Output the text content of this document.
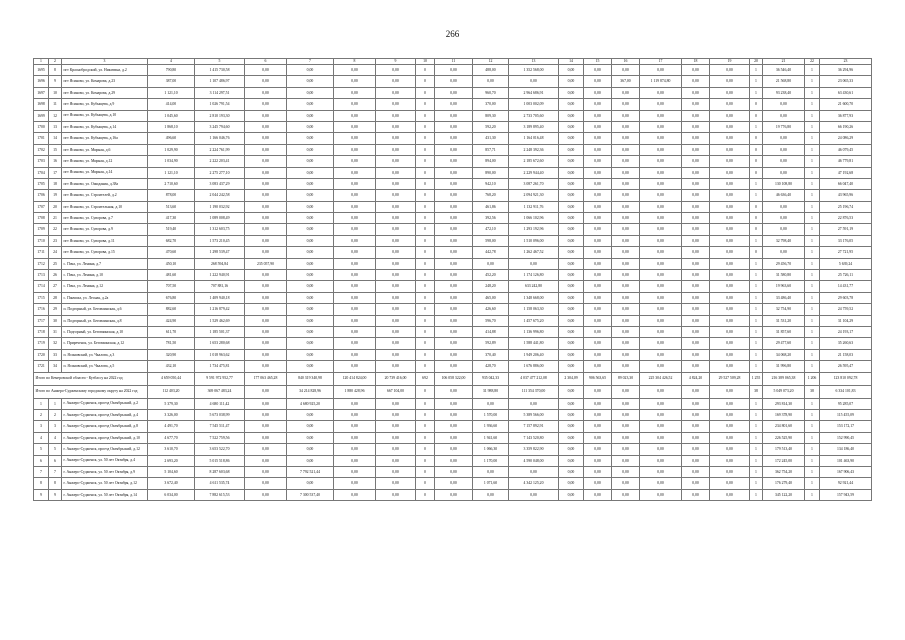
266
1	2	3	4	5	6	7	8	9	10	11	12	13	14	15	16	17	18	19	20	21	22	23
1695	8	пгт Краснобродский, ул. Никитина, д.2	790,80	1 415 730,58	0,00	0,00	0,00	0,00	0	0,00	488,00	1 352 568,00	0,00	0,00	0,00	0,00	0,00	0,00	1	36 546,40	1	36 294,96
1696	9	пгт Ясиново, ул. Комарова, д.23	387,00	1 107 486,97	0,00	0,00	0,00	0,00	0	0,00	0,00	0,00	0,00	0,00	367,00	1 119 874,80	0,00	0,00	1	21 568,80	1	23 065,33
1697	10	пгт Ясиново, ул. Комарова, д.29	1 121,10	3 114 297,51	0,00	0,00	0,00	0,00	0	0,00	960,70	2 964 686,91	0,00	0,00	0,00	0,00	0,00	0,00	1	93 238,40	1	63 430,61
1698	11	пгт Ясиново, ул. Кубыщева, д.9	414,00	1 026 791,54	0,00	0,00	0,00	0,00	0	0,00	370,00	1 003 002,09	0,00	0,00	0,00	0,00	0,00	0,00	0	0,00	1	21 600,70
1699	12	пгт Ясиново, ул. Кубыщева, д.10	1 045,60	2 810 193,30	0,00	0,00	0,00	0,00	0	0,00	809,30	2 733 705,60	0,00	0,00	0,00	0,00	0,00	0,00	0	0,00	1	36 877,93
1700	13	пгт Ясиново, ул. Кубыщева, д.14	1 868,10	3 245 794,60	0,00	0,00	0,00	0,00	0	0,00	592,20	3 189 895,40	0,00	0,00	0,00	0,00	0,00	0,00	1	19 776,80	1	66 190,26
1701	14	пгт Ясиново, ул. Кубыщева, д.16а	496,60	1 166 046,76	0,00	0,00	0,00	0,00	0	0,00	431,30	1 164 016,48	0,00	0,00	0,00	0,00	0,00	0,00	0	0,00	1	24 086,29
1702	15	пгт Ясиново, ул. Мирная, д.6	1 029,90	2 224 761,99	0,00	0,00	0,00	0,00	0	0,00	857,71	2 248 392,36	0,00	0,00	0,00	0,00	0,00	0,00	0	0,00	1	46 079,45
1703	16	пгт Ясиново, ул. Мирная, д.12	1 034,90	2 222 203,41	0,00	0,00	0,00	0,00	0	0,00	894,00	2 185 672,60	0,00	0,00	0,00	0,00	0,00	0,00	0	0,00	1	46 779,81
1704	17	пгт Ясиново, ул. Мирная, д.14	1 121,10	2 275 277,10	0,00	0,00	0,00	0,00	0	0,00	890,00	2 229 944,40	0,00	0,00	0,00	0,00	0,00	0,00	0	0,00	1	47 192,68
1705	18	пгт Ясиново, ул. Ожидания, д.38а	2 710,60	3 083 437,29	0,00	0,00	0,00	0,00	0	0,00	942,10	3 087 261,70	0,00	0,00	0,00	0,00	0,00	0,00	1	130 108,80	1	66 047,40
1706	19	пгт Ясиново, ул. Строителей, д.2	878,00	2 044 242,58	0,00	0,00	0,00	0,00	0	0,00	768,20	2 094 921,30	0,00	0,00	0,00	0,00	0,00	0,00	1	46 636,40	1	43 965,96
1707	20	пгт Ясиново, ул. Строительная, д.10	513,60	1 190 032,92	0,00	0,00	0,00	0,00	0	0,00	461,86	1 132 911,76	0,00	0,00	0,00	0,00	0,00	0,00	0	0,00	1	25 196,74
1708	21	пгт Ясиново, ул. Суворова, д.7	417,30	1 089 008,49	0,00	0,00	0,00	0,00	0	0,00	392,56	1 066 102,96	0,00	0,00	0,00	0,00	0,00	0,00	0	0,00	1	22 876,53
1709	22	пгт Ясиново, ул. Суворова, д.9	519,40	1 312 603,75	0,00	0,00	0,00	0,00	0	0,00	472,10	1 293 192,96	0,00	0,00	0,00	0,00	0,00	0,00	0	0,00	1	27 591,19
1710	23	пгт Ясиново, ул. Суворова, д.11	682,70	1 573 210,45	0,00	0,00	0,00	0,00	0	0,00	598,00	1 510 096,00	0,00	0,00	0,00	0,00	0,00	0,00	1	32 798,40	1	33 176,05
1711	24	пгт Ясиново, ул. Суворова, д.15	470,60	1 298 539,47	0,00	0,00	0,00	0,00	0	0,00	442,78	1 262 467,52	0,00	0,00	0,00	0,00	0,00	0,00	0	0,00	1	27 721,95
1712	25	с. Пача, ул. Ленина, д.7	450,10	268 594,84	235 057,90	0,00	0,00	0,00	0	0,00	0,00	0,00	0,00	0,00	0,00	0,00	0,00	0,00	1	29 456,70	1	5 639,24
1713	26	с. Пача, ул. Ленина, д.10	481,60	1 222 940,91	0,00	0,00	0,00	0,00	0	0,00	452,20	1 174 126,80	0,00	0,00	0,00	0,00	0,00	0,00	1	31 580,80	1	25 726,11
1714	27	с. Пача, ул. Ленина, д.12	707,50	707 881,16	0,00	0,00	0,00	0,00	0	0,00	248,20	633 242,80	0,00	0,00	0,00	0,00	0,00	0,00	1	19 963,60	1	14 431,77
1715	28	с. Панчиха, ул. Лесная, д.2а	676,80	1 409 940,18	0,00	0,00	0,00	0,00	0	0,00	465,00	1 348 668,00	0,00	0,00	0,00	0,00	0,00	0,00	1	33 486,40	1	29 603,78
1716	29	п. Подгорный, ул. Беговаинская, д.6	882,60	1 216 879,42	0,00	0,00	0,00	0,00	0	0,00	426,60	1 158 063,30	0,00	0,00	0,00	0,00	0,00	0,00	1	32 754,90	1	24 759,52
1717	30	п. Подгорный, ул. Беговаинская, д.8	424,90	1 529 462,69	0,00	0,00	0,00	0,00	0	0,00	596,70	1 457 675,20	0,00	0,00	0,00	0,00	0,00	0,00	1	31 531,20	1	31 104,29
1718	31	с. Подгорный, ул. Беговаинская, д.10	611,70	1 185 501,37	0,00	0,00	0,00	0,00	0	0,00	414,88	1 136 996,80	0,00	0,00	0,00	0,00	0,00	0,00	1	31 857,60	1	24 193,17
1719	32	с. Приреченск, ул. Беговаинская, д.12	781,50	1 653 280,68	0,00	0,00	0,00	0,00	0	0,00	592,89	1 588 441,80	0,00	0,00	0,00	0,00	0,00	0,00	1	29 477,60	1	35 260,63
1720	33	п. Ясиновский, ул. Чкалова, д.3	320,90	1 018 963,62	0,00	0,00	0,00	0,00	0	0,00	370,40	1 949 206,40	0,00	0,00	0,00	0,00	0,00	0,00	1	34 068,20	1	21 158,03
1721	34	п. Ясиновский, ул. Чкалова, д.5	432,10	1 734 475,81	0,00	0,00	0,00	0,00	0	0,00	428,70	1 676 886,00	0,00	0,00	0,00	0,00	0,00	0,00	1	31 996,80	1	26 595,47
Итого по Кемеровской области - Кузбассу на 2022 год			4 659 050,44	9 591 972 952,77	177 063 465,28	840 319 340,98	120 414 824,00	20 739 416,00	692	106 058 322,00	935 042,33	4 037 477 212,08	2 304,09	906 563,65	89 023,30	225 304 426,52	4 824,20	29 527 509,28	1 255	216 389 065,38	1 206	123 810 092,78
Итого по Анжеро-Судженскому городскому округу на 2022 год			112 403,20	369 067 483,24	0,00	34 214 828,96	1 880 428,96	667 104,00	0	0,00	31 988,80	111 354 370,00	0,00	0,00	0,00	0,00	0,00	0,00	38	5 049 073,20	38	6 334 101,83
1	1	г. Анжеро-Судженск, проезд Октябрьский, д.2	5 379,30	4 680 111,42	0,00	4 680 925,20	0,00	0,00	0	0,00	0,00	0,00	0,00	0,00	0,00	0,00	0,00	0,00	1	293 814,30	1	95 285,07
2	2	г. Анжеро-Судженск, проезд Октябрьский, д.4	3 326,00	5 673 038,99	0,00	0,00	0,00	0,00	0	0,00	1 570,00	5 389 566,00	0,00	0,00	0,00	0,00	0,00	0,00	1	169 378,90	1	115 455,09
3	3	г. Анжеро-Судженск, проезд Октябрьский, д.8	4 491,70	7 545 511,47	0,00	0,00	0,00	0,00	0	0,00	1 936,60	7 157 892,91	0,00	0,00	0,00	0,00	0,00	0,00	1	234 801,60	1	153 172,17
4	4	г. Анжеро-Судженск, проезд Октябрьский, д.10	4 677,70	7 522 759,56	0,00	0,00	0,00	0,00	0	0,00	1 941,60	7 143 520,80	0,00	0,00	0,00	0,00	0,00	0,00	1	226 525,90	1	152 990,45
5	5	г. Анжеро-Судженск, проезд Октябрьский, д.12	3 610,70	3 653 522,70	0,00	0,00	0,00	0,00	0	0,00	1 066,30	3 359 822,90	0,00	0,00	0,00	0,00	0,00	0,00	1	179 513,40	1	134 186,40
6	6	г. Анжеро-Судженск, ул. 50 лет Октября, д.4	2 693,20	5 015 518,86	0,00	0,00	0,00	0,00	0	0,00	1 170,00	4 590 048,00	0,00	0,00	0,00	0,00	0,00	0,00	1	172 245,00	1	101 463,90
7	7	г. Анжеро-Судженск, ул. 50 лет Октября, д.9	5 104,60	8 287 603,68	0,00	7 792 521,44	0,00	0,00	0	0,00	0,00	0,00	0,00	0,00	0,00	0,00	0,00	0,00	1	362 754,20	1	167 906,43
8	8	г. Анжеро-Судженск, ул. 50 лет Октября, д.12	3 672,40	4 611 535,74	0,00	0,00	0,00	0,00	0	0,00	1 071,60	4 342 125,20	0,00	0,00	0,00	0,00	0,00	0,00	1	176 279,40	1	92 921,44
9	9	г. Анжеро-Судженск, ул. 50 лет Октября, д.14	6 034,00	7 882 615,53	0,00	7 300 537,40	0,00	0,00	0	0,00	0,00	0,00	0,00	0,00	0,00	0,00	0,00	0,00	1	345 122,20	1	157 943,59
